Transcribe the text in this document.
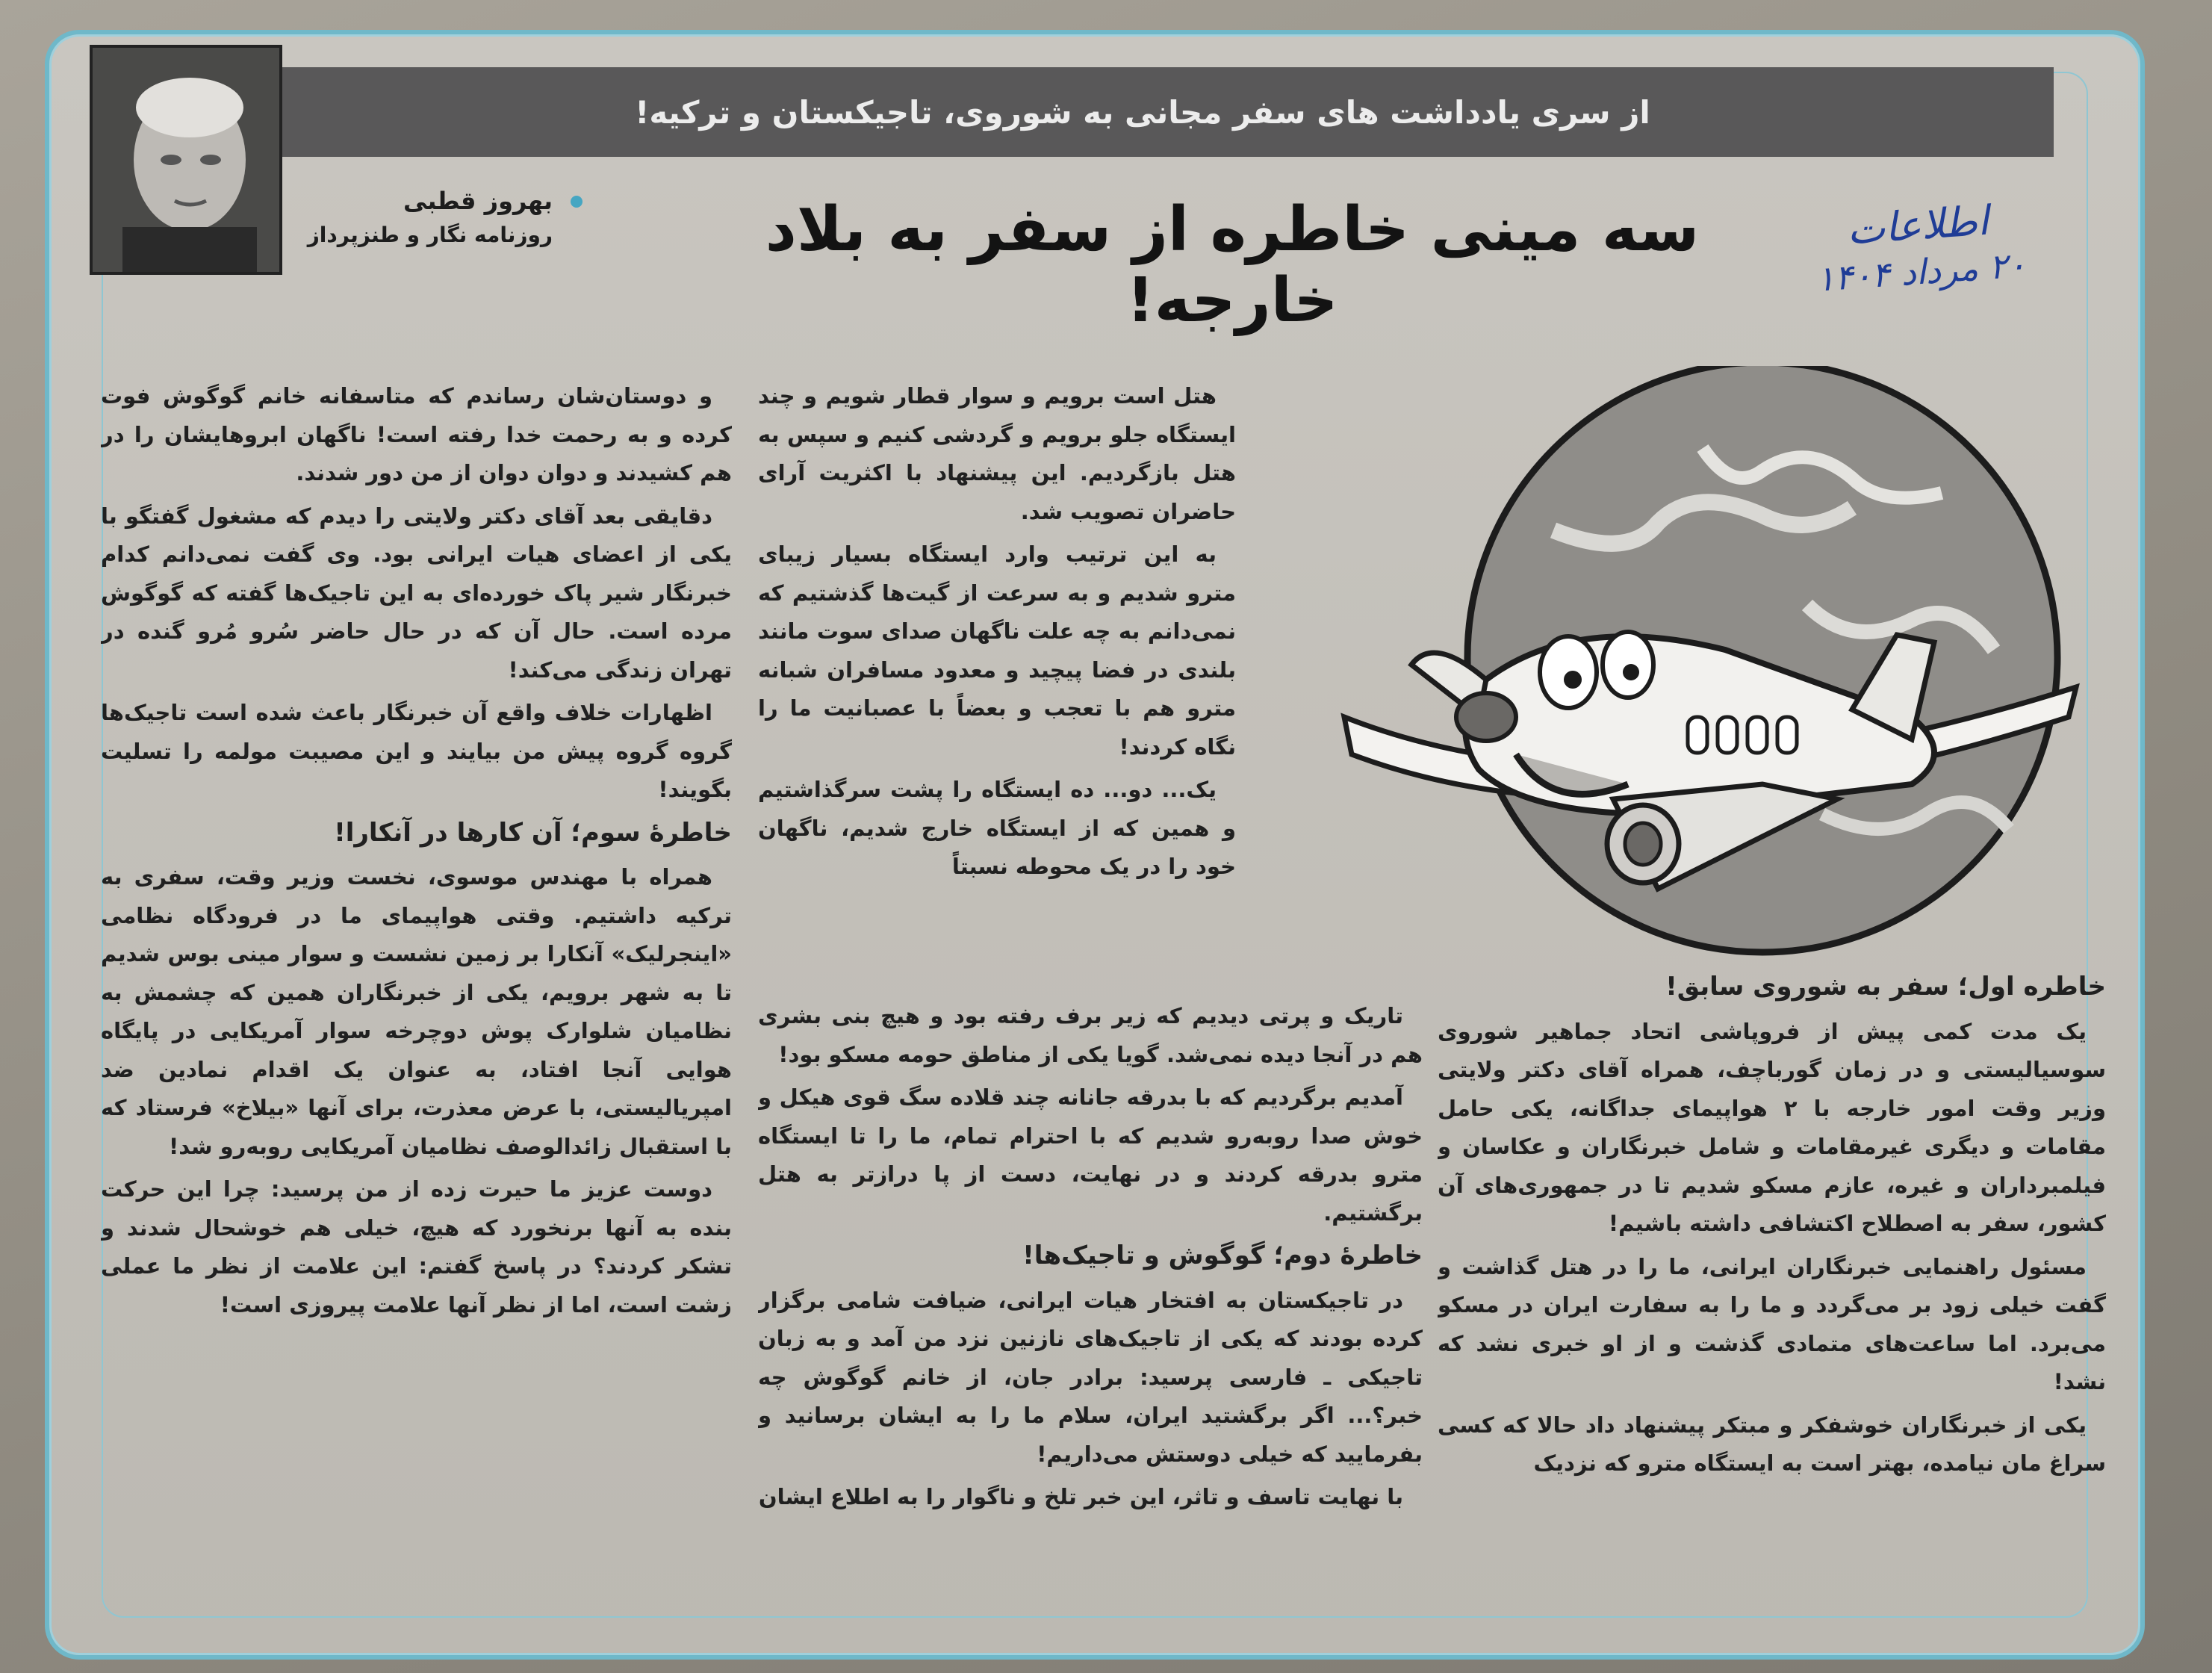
از سری یادداشت های سفر مجانی به شوروی، تاجیکستان و ترکیه!
بهروز قطبی
روزنامه نگار و طنزپرداز	سه مینی خاطره از سفر به بلاد خارجه!
اطلاعات
۲۰ مرداد ۱۴۰۴

و دوستان‌شان رساندم که متاسفانه خانم گوگوش فوت کرده و به رحمت خدا رفته است! ناگهان ابروهایشان را در هم کشیدند و دوان دوان از من دور شدند.

دقایقی بعد آقای دکتر ولایتی را دیدم که مشغول گفتگو با یکی از اعضای هیات ایرانی بود. وی گفت نمی‌دانم کدام خبرنگار شیر پاک خورده‌ای به این تاجیک‌ها گفته که گوگوش مرده است. حال آن که در حال حاضر سُرو مُرو گنده در تهران زندگی می‌کند!

اظهارات خلاف واقع آن خبرنگار باعث شده است تاجیک‌ها گروه گروه پیش من بیایند و این مصیبت مولمه را تسلیت بگویند!

خاطرهٔ سوم؛ آن کارها در آنکارا!

همراه با مهندس موسوی، نخست وزیر وقت، سفری به ترکیه داشتیم. وقتی هواپیمای ما در فرودگاه نظامی «اینجرلیک» آنکارا بر زمین نشست و سوار مینی بوس شدیم تا به شهر برویم، یکی از خبرنگاران همین که چشمش به نظامیان شلوارک پوش دوچرخه سوار آمریکایی در پایگاه هوایی آنجا افتاد، به عنوان یک اقدام نمادین ضد امپریالیستی، با عرض معذرت، برای آنها «بیلاخ» فرستاد که با استقبال زائدالوصف نظامیان آمریکایی روبه‌رو شد!

دوست عزیز ما حیرت زده از من پرسید: چرا این حرکت بنده به آنها برنخورد که هیچ، خیلی هم خوشحال شدند و تشکر کردند؟ در پاسخ گفتم: این علامت از نظر ما عملی زشت است، اما از نظر آنها علامت پیروزی است!

هتل است برویم و سوار قطار شویم و چند ایستگاه جلو برویم و گردشی کنیم و سپس به هتل بازگردیم. این پیشنهاد با اکثریت آرای حاضران تصویب شد.

به این ترتیب وارد ایستگاه بسیار زیبای مترو شدیم و به سرعت از گیت‌ها گذشتیم که نمی‌دانم به چه علت ناگهان صدای سوت مانند بلندی در فضا پیچید و معدود مسافران شبانه مترو هم با تعجب و بعضاً با عصبانیت ما را نگاه کردند!

یک... دو... ده ایستگاه را پشت سرگذاشتیم و همین که از ایستگاه خارج شدیم، ناگهان خود را در یک محوطه نسبتاً

تاریک و پرتی دیدیم که زیر برف رفته بود و هیچ بنی بشری هم در آنجا دیده نمی‌شد. گویا یکی از مناطق حومه مسکو بود!

آمدیم برگردیم که با بدرقه جانانه چند قلاده سگ قوی هیکل و خوش صدا روبه‌رو شدیم که با احترام تمام، ما را تا ایستگاه مترو بدرقه کردند و در نهایت، دست از پا درازتر به هتل برگشتیم.

خاطرهٔ دوم؛ گوگوش و تاجیک‌ها!

در تاجیکستان به افتخار هیات ایرانی، ضیافت شامی برگزار کرده بودند که یکی از تاجیک‌های نازنین نزد من آمد و به زبان تاجیکی ـ فارسی پرسید: برادر جان، از خانم گوگوش چه خبر؟... اگر برگشتید ایران، سلام ما را به ایشان برسانید و بفرمایید که خیلی دوستش می‌داریم!

با نهایت تاسف و تاثر، این خبر تلخ و ناگوار را به اطلاع ایشان

خاطره اول؛ سفر به شوروی سابق!

یک مدت کمی پیش از فروپاشی اتحاد جماهیر شوروی سوسیالیستی و در زمان گورباچف، همراه آقای دکتر ولایتی وزیر وقت امور خارجه با ۲ هواپیمای جداگانه، یکی حامل مقامات و دیگری غیرمقامات و شامل خبرنگاران و عکاسان و فیلمبرداران و غیره، عازم مسکو شدیم تا در جمهوری‌های آن کشور، سفر به اصطلاح اکتشافی داشته باشیم!

مسئول راهنمایی خبرنگاران ایرانی، ما را در هتل گذاشت و گفت خیلی زود بر می‌گردد و ما را به سفارت ایران در مسکو می‌برد. اما ساعت‌های متمادی گذشت و از او خبری نشد که نشد!

یکی از خبرنگاران خوشفکر و مبتکر پیشنهاد داد حالا که کسی سراغ مان نیامده، بهتر است به ایستگاه مترو که نزدیک
